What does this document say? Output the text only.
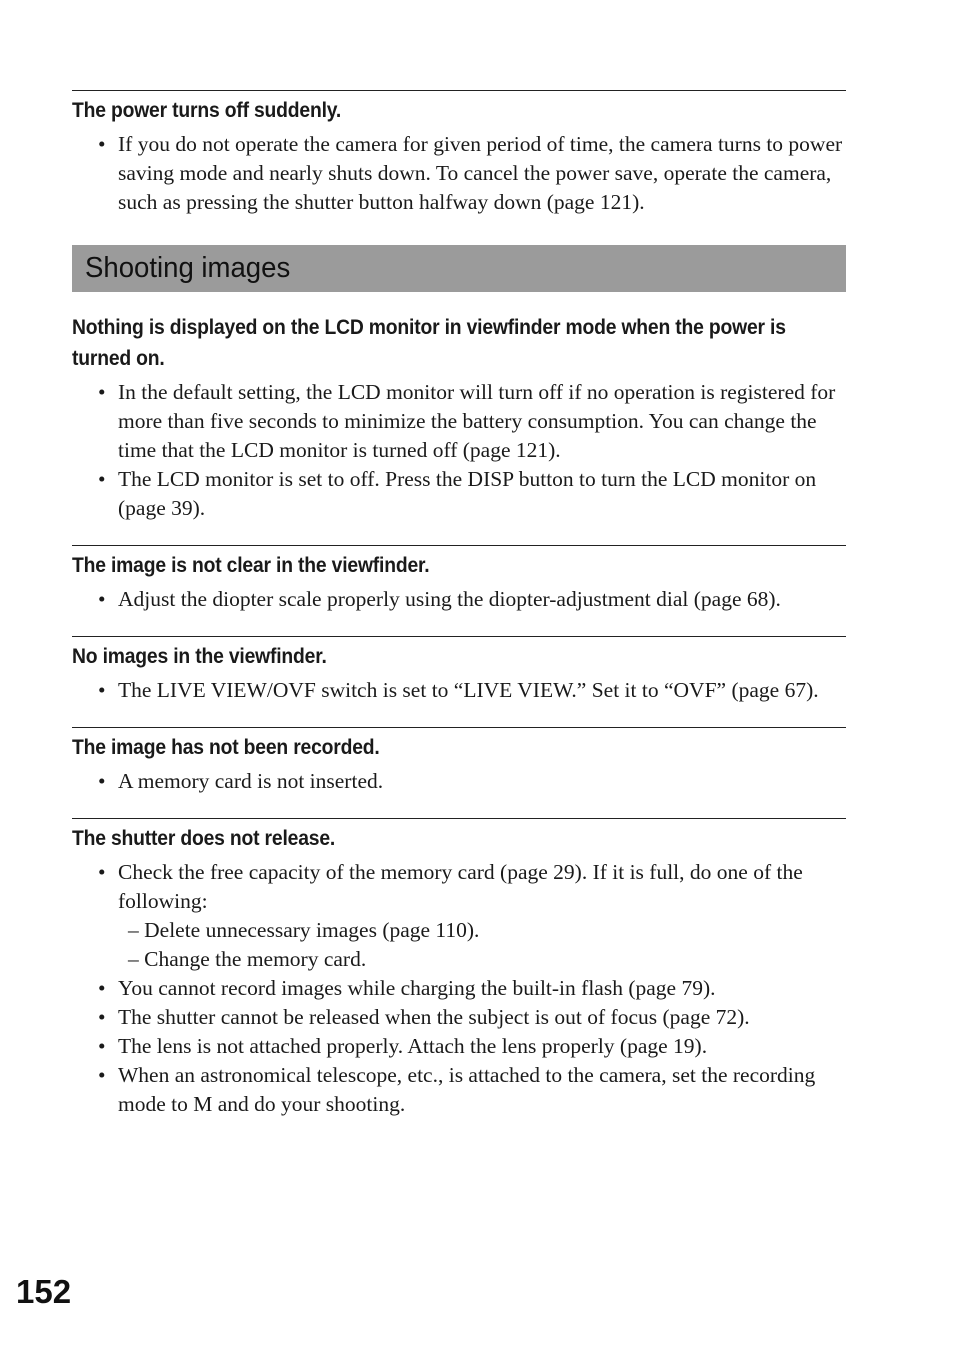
The power turns off suddenly.
• If you do not operate the camera for given period of time, the camera turns to power saving mode and nearly shuts down. To cancel the power save, operate the camera, such as pressing the shutter button halfway down (page 121).
Shooting images
Nothing is displayed on the LCD monitor in viewfinder mode when the power is turned on.
• In the default setting, the LCD monitor will turn off if no operation is registered for more than five seconds to minimize the battery consumption. You can change the time that the LCD monitor is turned off (page 121).
• The LCD monitor is set to off. Press the DISP button to turn the LCD monitor on (page 39).
The image is not clear in the viewfinder.
• Adjust the diopter scale properly using the diopter-adjustment dial (page 68).
No images in the viewfinder.
• The LIVE VIEW/OVF switch is set to “LIVE VIEW.” Set it to “OVF” (page 67).
The image has not been recorded.
• A memory card is not inserted.
The shutter does not release.
• Check the free capacity of the memory card (page 29). If it is full, do one of the following:
– Delete unnecessary images (page 110).
– Change the memory card.
• You cannot record images while charging the built-in flash (page 79).
• The shutter cannot be released when the subject is out of focus (page 72).
• The lens is not attached properly. Attach the lens properly (page 19).
• When an astronomical telescope, etc., is attached to the camera, set the recording mode to M and do your shooting.
152
